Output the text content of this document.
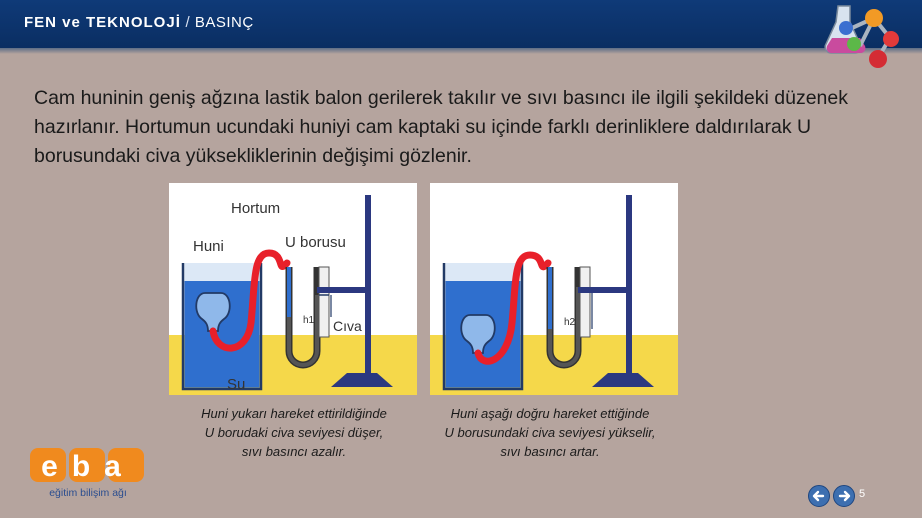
FEN ve TEKNOLOJİ / BASINÇ
Cam huninin geniş ağzına lastik balon gerilerek takılır ve sıvı basıncı ile ilgili şekildeki düzenek hazırlanır. Hortumun ucundaki huniyi cam kaptaki su içinde farklı derinliklere daldırılarak U borusundaki civa yüksekliklerinin değişimi gözlenir.
Hortum
Huni	U borusu
Cıva
Su
h1	h2
Huni yukarı hareket ettirildiğinde
U borudaki civa seviyesi düşer,
sıvı basıncı azalır.
Huni aşağı doğru hareket ettiğinde
U borusundaki civa seviyesi yükselir,
sıvı basıncı artar.
eba
eğitim bilişim ağı	5
